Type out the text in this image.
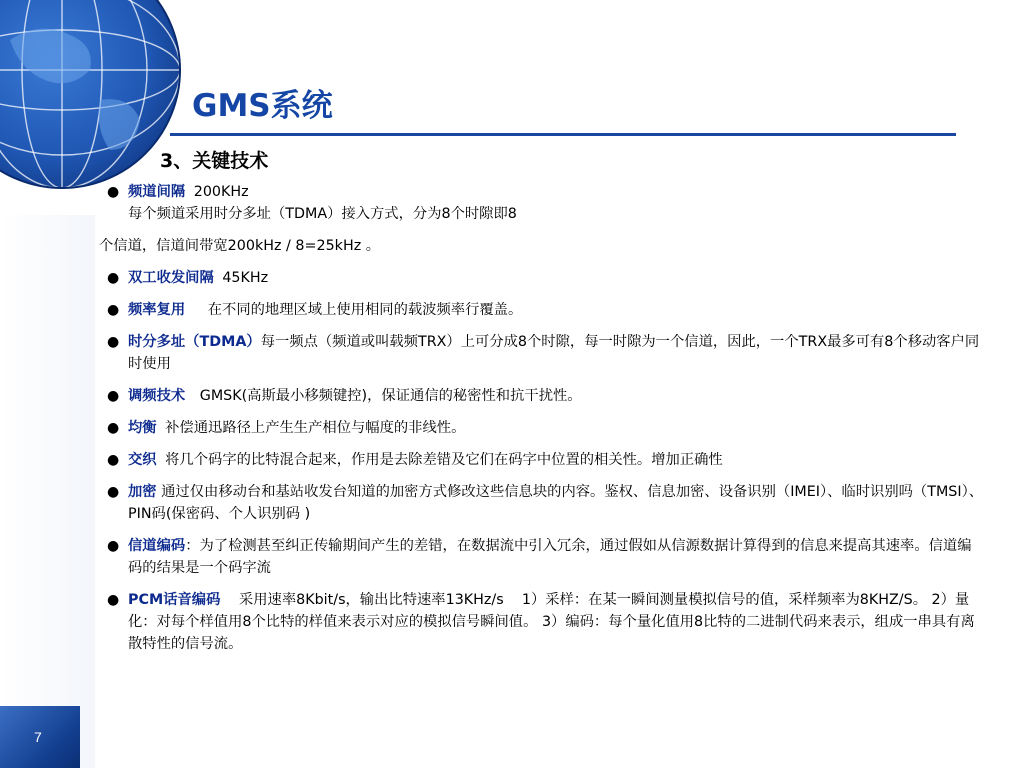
GMS系统
3、关键技术
● 频道间隔 200KHz
每个频道采用时分多址（TDMA）接入方式，分为8个时隙即8
个信道，信道间带宽200kHz / 8=25kHz 。
● 双工收发间隔 45KHz
● 频率复用 在不同的地理区域上使用相同的载波频率行覆盖。
● 时分多址（TDMA）每一频点（频道或叫载频TRX）上可分成8个时隙，每一时隙为一个信道，因此，一个TRX最多可有8个移动客户同时使用
● 调频技术 GMSK(高斯最小移频键控)，保证通信的秘密性和抗干扰性。
● 均衡 补偿通迅路径上产生生产相位与幅度的非线性。
● 交织 将几个码字的比特混合起来，作用是去除差错及它们在码字中位置的相关性。增加正确性
● 加密 通过仅由移动台和基站收发台知道的加密方式修改这些信息块的内容。鉴权、信息加密、设备识别（IMEI）、临时识别吗（TMSI）、PIN码(保密码、个人识别码 )
● 信道编码：为了检测甚至纠正传输期间产生的差错，在数据流中引入冗余，通过假如从信源数据计算得到的信息来提高其速率。信道编码的结果是一个码字流
● PCM话音编码 采用速率8Kbit/s，输出比特速率13KHz/s    1）采样：在某一瞬间测量模拟信号的值，采样频率为8KHZ/S。 2）量化：对每个样值用8个比特的样值来表示对应的模拟信号瞬间值。 3）编码：每个量化值用8比特的二进制代码来表示，组成一串具有离散特性的信号流。
7
